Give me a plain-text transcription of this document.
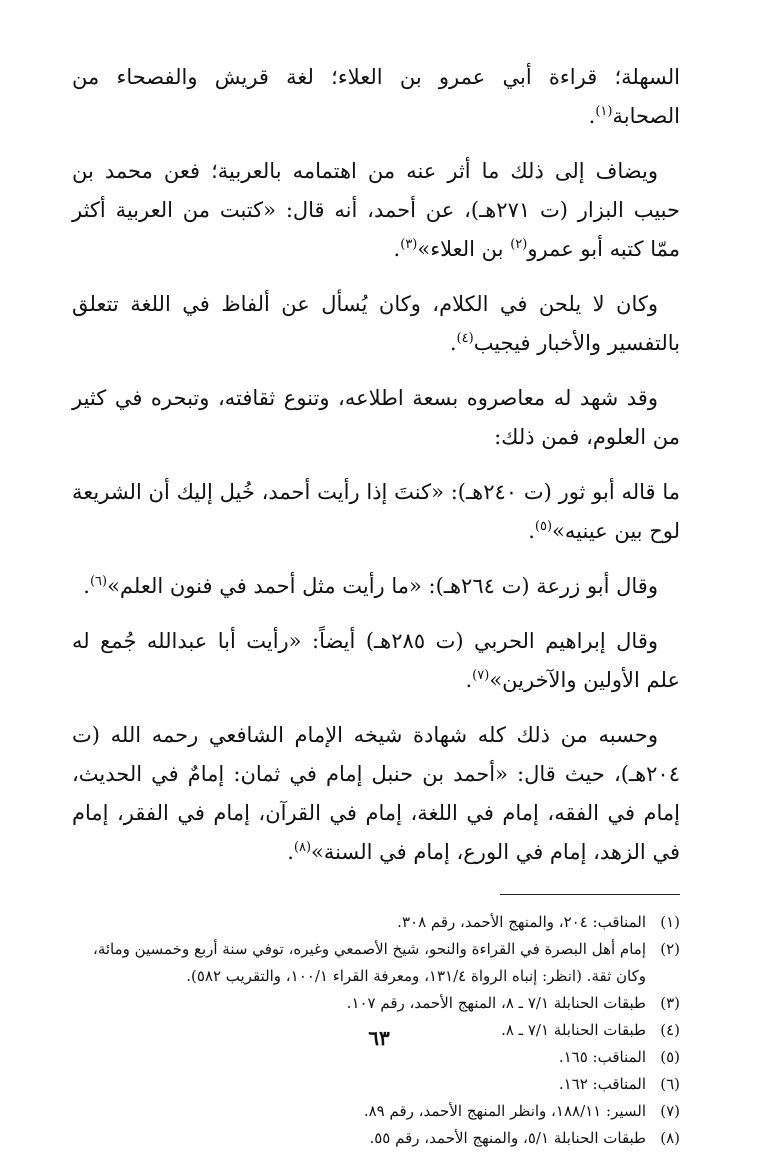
السهلة؛ قراءة أبي عمرو بن العلاء؛ لغة قريش والفصحاء من الصحابة$^{(١)}$.

ويضاف إلى ذلك ما أثر عنه من اهتمامه بالعربية؛ فعن محمد بن حبيب البزار (ت ٢٧١هـ)، عن أحمد، أنه قال: «كتبت من العربية أكثر ممّا كتبه أبو عمرو$^{(٢)}$ بن العلاء»$^{(٣)}$.

وكان لا يلحن في الكلام، وكان يُسأل عن ألفاظ في اللغة تتعلق بالتفسير والأخبار فيجيب$^{(٤)}$.

وقد شهد له معاصروه بسعة اطلاعه، وتنوع ثقافته، وتبحره في كثير من العلوم، فمن ذلك:

ما قاله أبو ثور (ت ٢٤٠هـ): «كنتَ إذا رأيت أحمد، خُيل إليك أن الشريعة لوح بين عينيه»$^{(٥)}$.

وقال أبو زرعة (ت ٢٦٤هـ): «ما رأيت مثل أحمد في فنون العلم»$^{(٦)}$.

وقال إبراهيم الحربي (ت ٢٨٥هـ) أيضاً: «رأيت أبا عبدالله جُمع له علم الأولين والآخرين»$^{(٧)}$.

وحسبه من ذلك كله شهادة شيخه الإمام الشافعي رحمه الله (ت ٢٠٤هـ)، حيث قال: «أحمد بن حنبل إمام في ثمان: إمامٌ في الحديث، إمام في الفقه، إمام في اللغة، إمام في القرآن، إمام في الفقر، إمام في الزهد، إمام في الورع، إمام في السنة»$^{(٨)}$.

(١)
المناقب: ٢٠٤، والمنهج الأحمد، رقم ٣٠٨.
(٢)
إمام أهل البصرة في القراءة والنحو، شيخ الأصمعي وغيره، توفي سنة أربع وخمسين ومائة، وكان ثقة. (انظر: إنباه الرواة ١٣١/٤، ومعرفة القراء ١٠٠/١، والتقريب ٥٨٢).
(٣)
طبقات الحنابلة ٧/١ ـ ٨، المنهج الأحمد، رقم ١٠٧.
(٤)
طبقات الحنابلة ٧/١ ـ ٨.
(٥)
المناقب: ١٦٥.
(٦)
المناقب: ١٦٢.
(٧)
السير: ١٨٨/١١، وانظر المنهج الأحمد، رقم ٨٩.
(٨)
طبقات الحنابلة ٥/١، والمنهج الأحمد، رقم ٥٥.
٦٣
